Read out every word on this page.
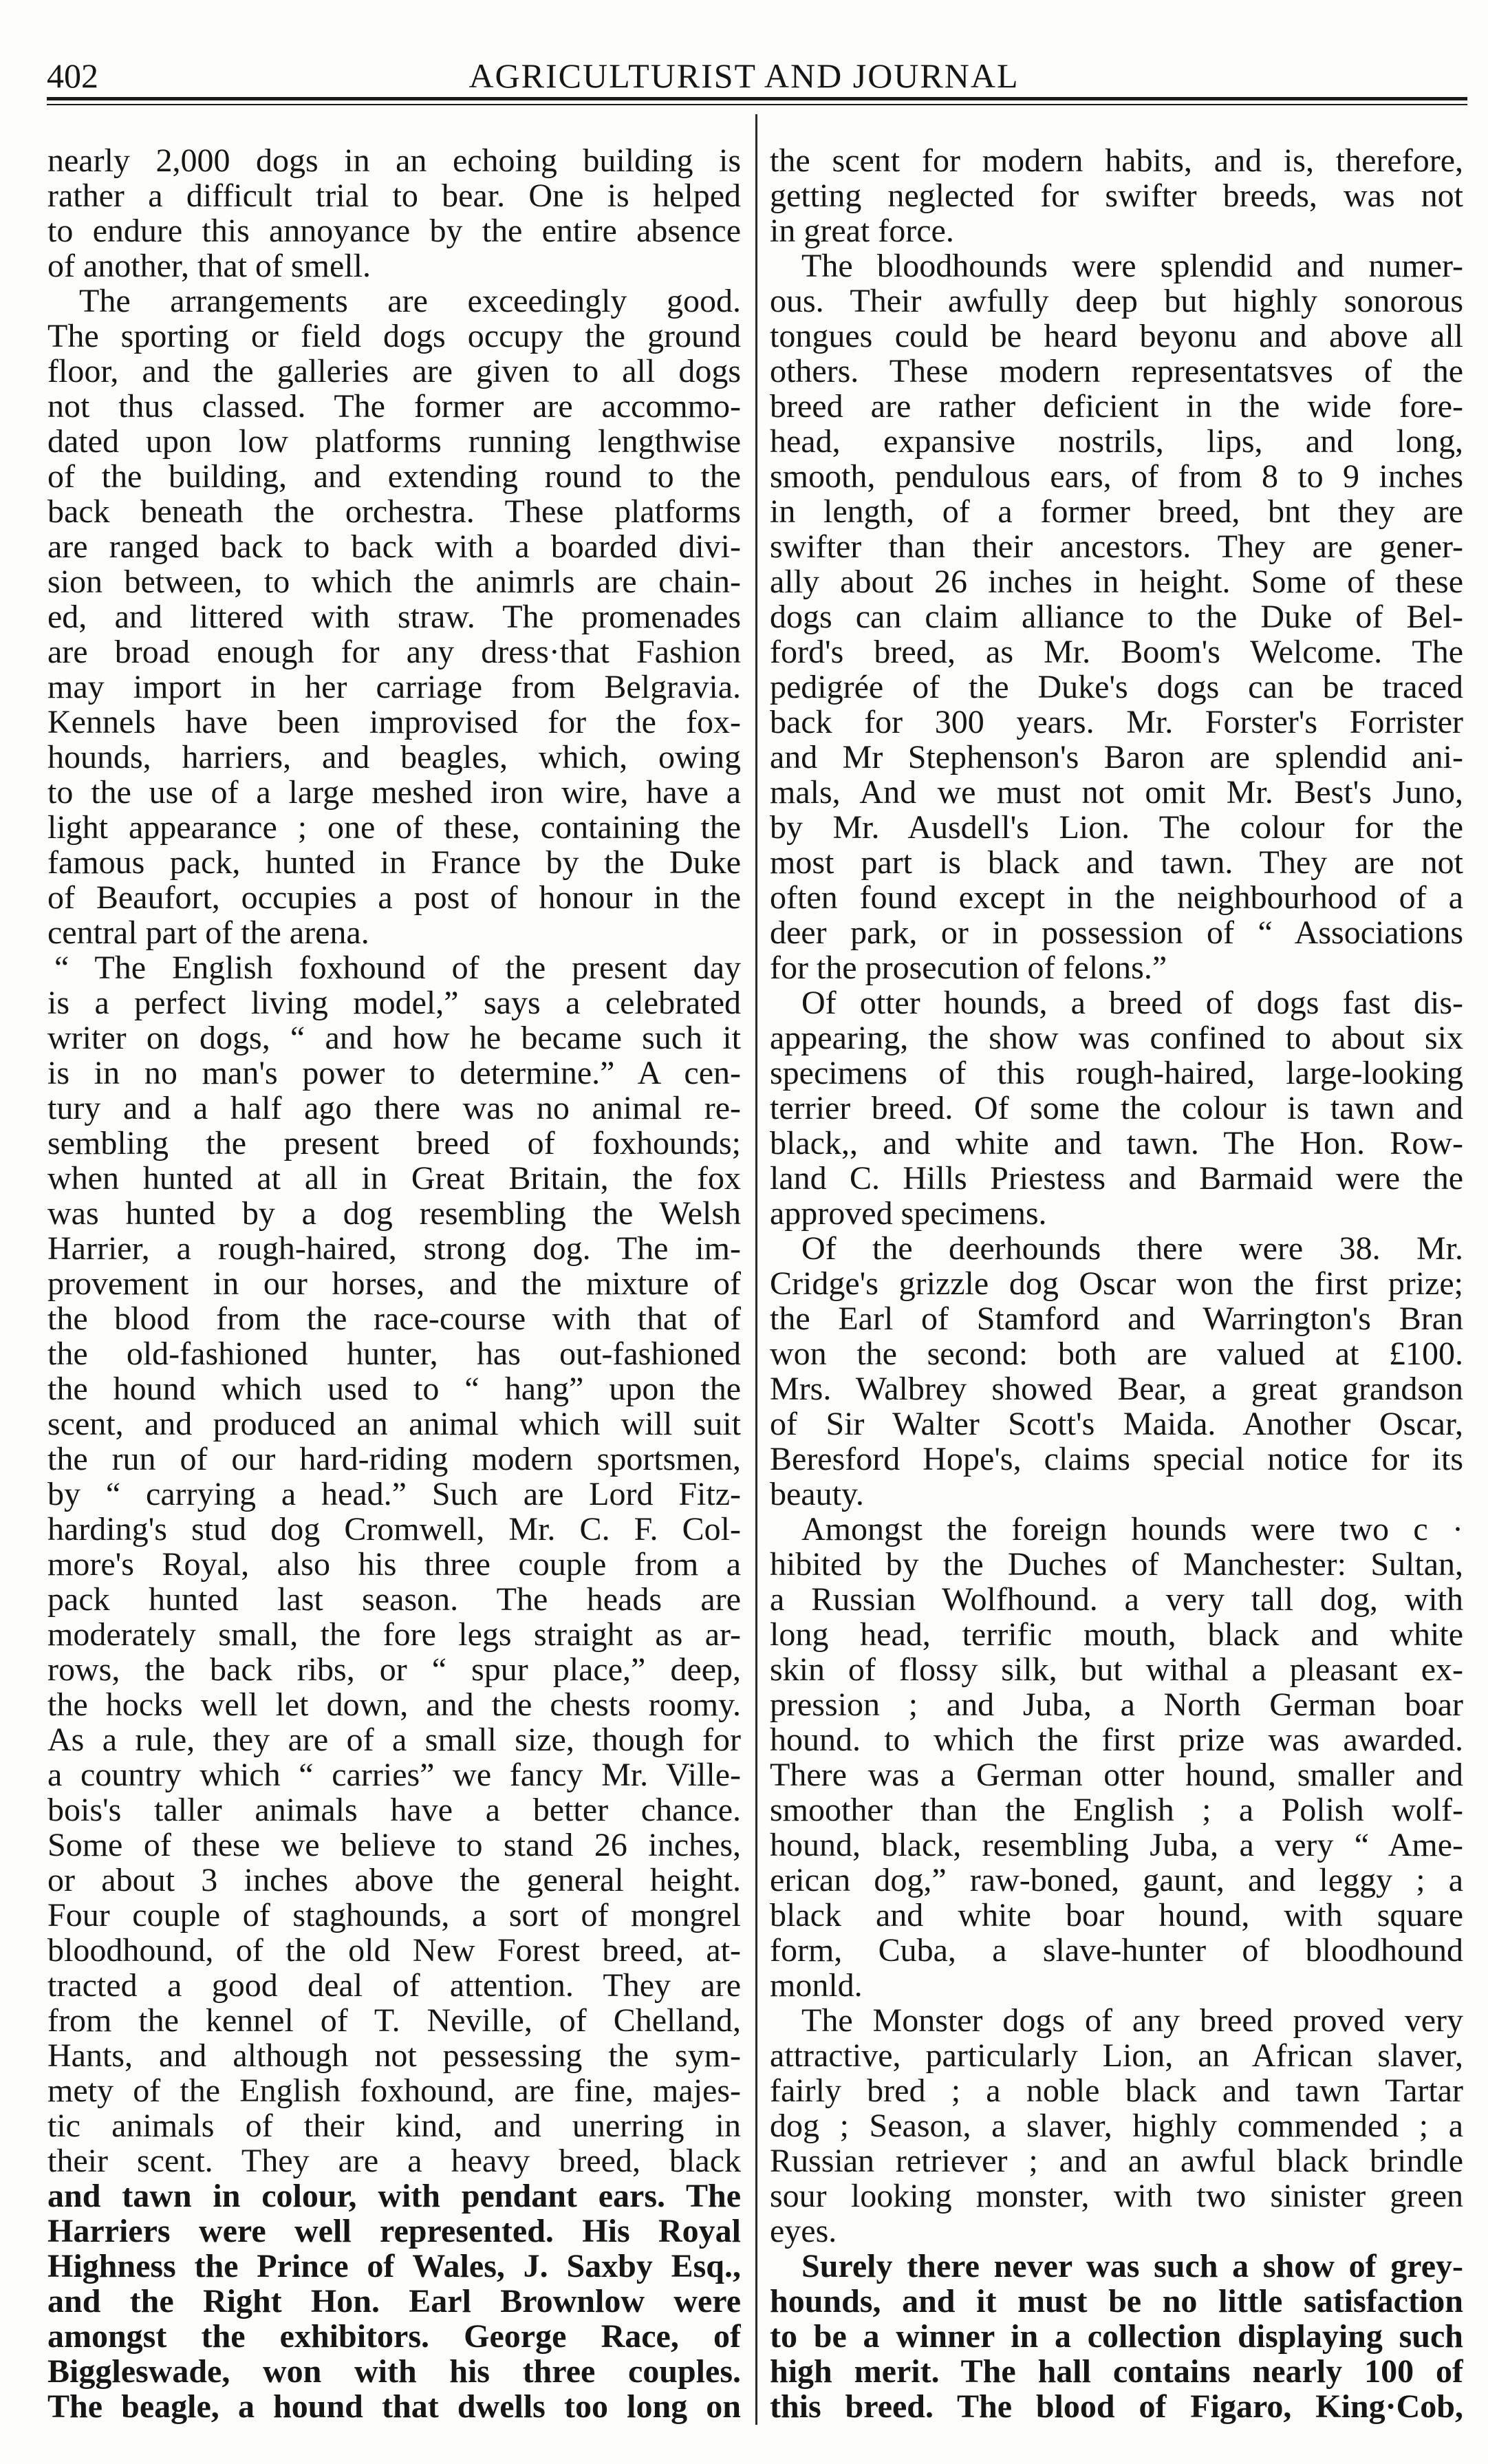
402	AGRICULTURIST AND JOURNAL
nearly 2,000 dogs in an echoing building is
rather a difficult trial to bear. One is helped
to endure this annoyance by the entire absence
of another, that of smell.
The arrangements are exceedingly good.
The sporting or field dogs occupy the ground
floor, and the galleries are given to all dogs
not thus classed. The former are accommo-
dated upon low platforms running lengthwise
of the building, and extending round to the
back beneath the orchestra. These platforms
are ranged back to back with a boarded divi-
sion between, to which the animrls are chain-
ed, and littered with straw. The promenades
are broad enough for any dress·that Fashion
may import in her carriage from Belgravia.
Kennels have been improvised for the fox-
hounds, harriers, and beagles, which, owing
to the use of a large meshed iron wire, have a
light appearance ; one of these, containing the
famous pack, hunted in France by the Duke
of Beaufort, occupies a post of honour in the
central part of the arena.
“ The English foxhound of the present day
is a perfect living model,” says a celebrated
writer on dogs, “ and how he became such it
is in no man's power to determine.” A cen-
tury and a half ago there was no animal re-
sembling the present breed of foxhounds;
when hunted at all in Great Britain, the fox
was hunted by a dog resembling the Welsh
Harrier, a rough-haired, strong dog. The im-
provement in our horses, and the mixture of
the blood from the race-course with that of
the old-fashioned hunter, has out-fashioned
the hound which used to “ hang” upon the
scent, and produced an animal which will suit
the run of our hard-riding modern sportsmen,
by “ carrying a head.” Such are Lord Fitz-
harding's stud dog Cromwell, Mr. C. F. Col-
more's Royal, also his three couple from a
pack hunted last season. The heads are
moderately small, the fore legs straight as ar-
rows, the back ribs, or “ spur place,” deep,
the hocks well let down, and the chests roomy.
As a rule, they are of a small size, though for
a country which “ carries” we fancy Mr. Ville-
bois's taller animals have a better chance.
Some of these we believe to stand 26 inches,
or about 3 inches above the general height.
Four couple of staghounds, a sort of mongrel
bloodhound, of the old New Forest breed, at-
tracted a good deal of attention. They are
from the kennel of T. Neville, of Chelland,
Hants, and although not pessessing the sym-
mety of the English foxhound, are fine, majes-
tic animals of their kind, and unerring in
their scent. They are a heavy breed, black
and tawn in colour, with pendant ears. The
Harriers were well represented. His Royal
Highness the Prince of Wales, J. Saxby Esq.,
and the Right Hon. Earl Brownlow were
amongst the exhibitors. George Race, of
Biggleswade, won with his three couples.
The beagle, a hound that dwells too long on
the scent for modern habits, and is, therefore,
getting neglected for swifter breeds, was not
in great force.
The bloodhounds were splendid and numer-
ous. Their awfully deep but highly sonorous
tongues could be heard beyonu and above all
others. These modern representatsves of the
breed are rather deficient in the wide fore-
head, expansive nostrils, lips, and long,
smooth, pendulous ears, of from 8 to 9 inches
in length, of a former breed, bnt they are
swifter than their ancestors. They are gener-
ally about 26 inches in height. Some of these
dogs can claim alliance to the Duke of Bel-
ford's breed, as Mr. Boom's Welcome. The
pedigrée of the Duke's dogs can be traced
back for 300 years. Mr. Forster's Forrister
and Mr Stephenson's Baron are splendid ani-
mals, And we must not omit Mr. Best's Juno,
by Mr. Ausdell's Lion. The colour for the
most part is black and tawn. They are not
often found except in the neighbourhood of a
deer park, or in possession of “ Associations
for the prosecution of felons.”
Of otter hounds, a breed of dogs fast dis-
appearing, the show was confined to about six
specimens of this rough-haired, large-looking
terrier breed. Of some the colour is tawn and
black,, and white and tawn. The Hon. Row-
land C. Hills Priestess and Barmaid were the
approved specimens.
Of the deerhounds there were 38. Mr.
Cridge's grizzle dog Oscar won the first prize;
the Earl of Stamford and Warrington's Bran
won the second: both are valued at £100.
Mrs. Walbrey showed Bear, a great grandson
of Sir Walter Scott's Maida. Another Oscar,
Beresford Hope's, claims special notice for its
beauty.
Amongst the foreign hounds were two c ·
hibited by the Duches of Manchester: Sultan,
a Russian Wolfhound. a very tall dog, with
long head, terrific mouth, black and white
skin of flossy silk, but withal a pleasant ex-
pression ; and Juba, a North German boar
hound. to which the first prize was awarded.
There was a German otter hound, smaller and
smoother than the English ; a Polish wolf-
hound, black, resembling Juba, a very “ Ame-
erican dog,” raw-boned, gaunt, and leggy ; a
black and white boar hound, with square
form, Cuba, a slave-hunter of bloodhound
monld.
The Monster dogs of any breed proved very
attractive, particularly Lion, an African slaver,
fairly bred ; a noble black and tawn Tartar
dog ; Season, a slaver, highly commended ; a
Russian retriever ; and an awful black brindle
sour looking monster, with two sinister green
eyes.
Surely there never was such a show of grey-
hounds, and it must be no little satisfaction
to be a winner in a collection displaying such
high merit. The hall contains nearly 100 of
this breed. The blood of Figaro, King·Cob,
